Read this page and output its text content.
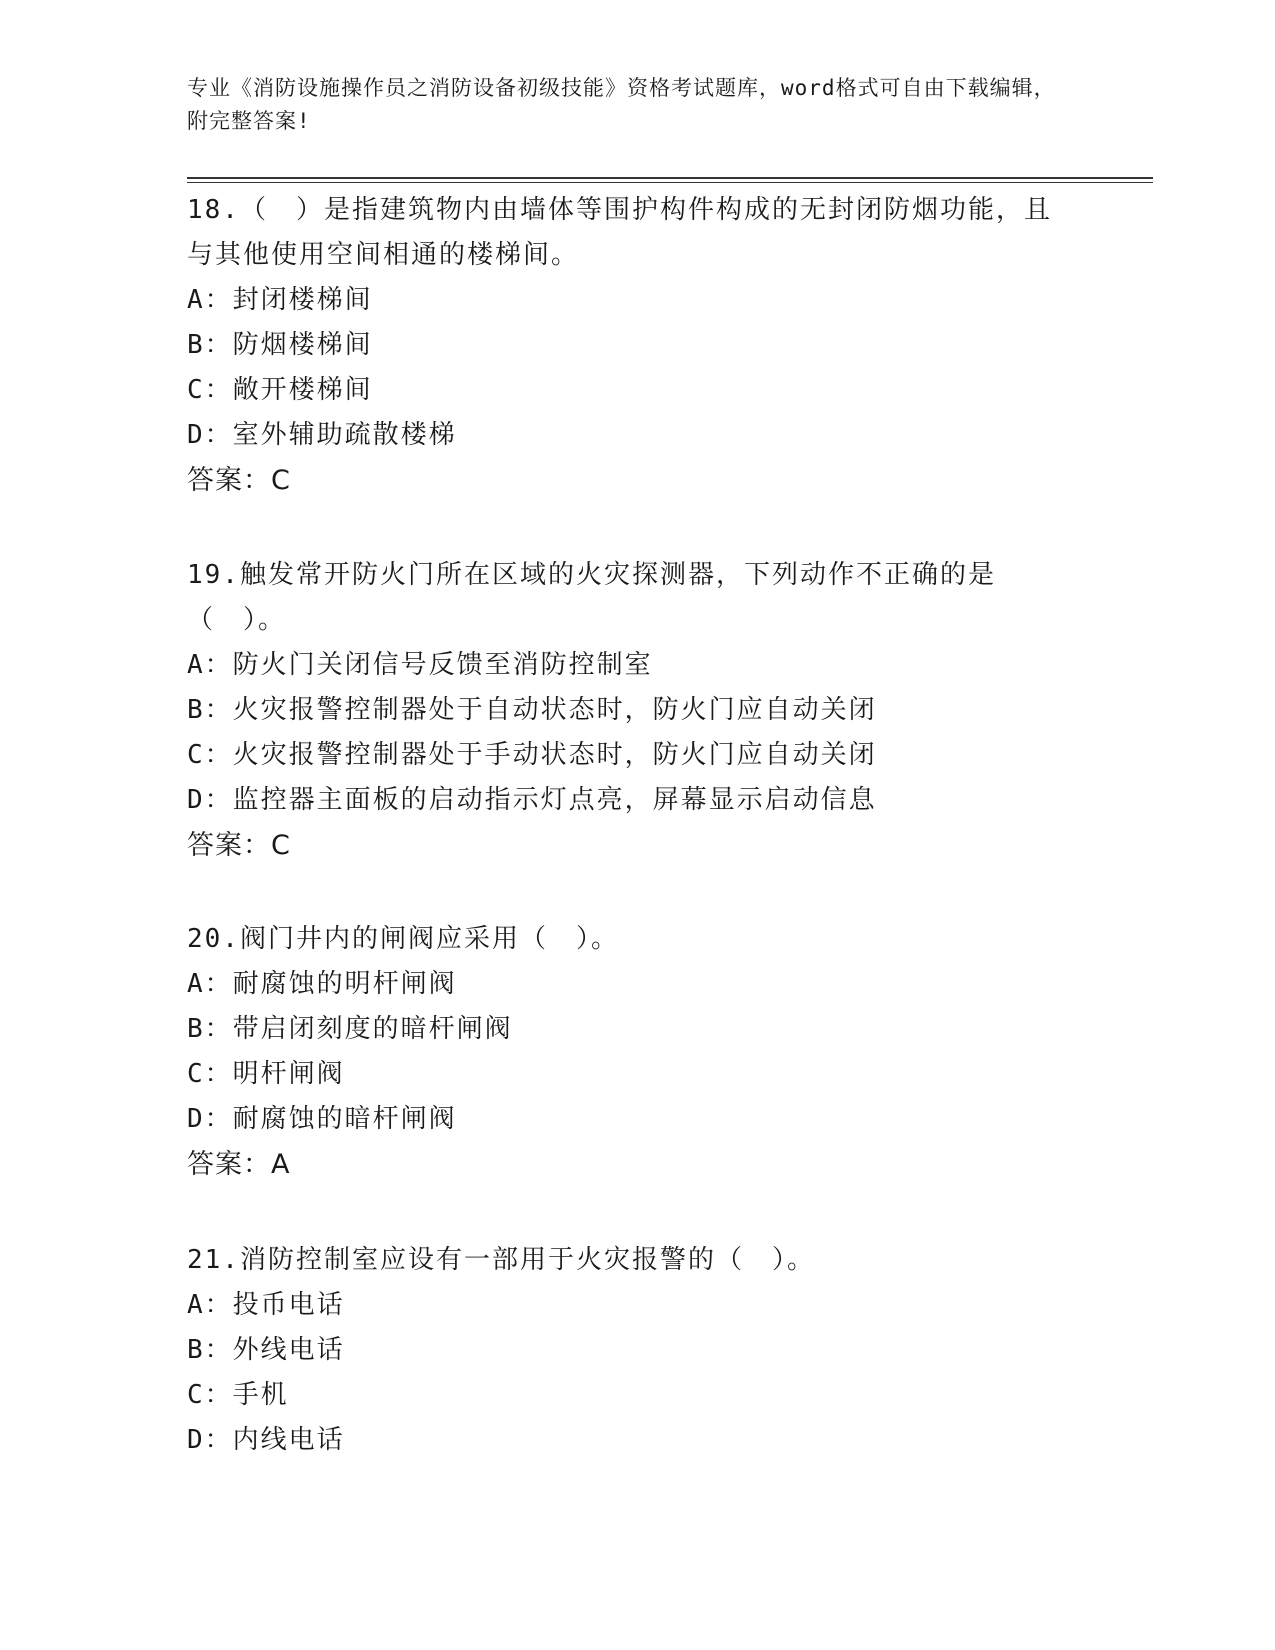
专业《消防设施操作员之消防设备初级技能》资格考试题库，word格式可自由下载编辑，附完整答案!

18.（　）是指建筑物内由墙体等围护构件构成的无封闭防烟功能，且与其他使用空间相通的楼梯间。

A：封闭楼梯间

B：防烟楼梯间

C：敞开楼梯间

D：室外辅助疏散楼梯

答案：C

19.触发常开防火门所在区域的火灾探测器，下列动作不正确的是（　）。

A：防火门关闭信号反馈至消防控制室

B：火灾报警控制器处于自动状态时，防火门应自动关闭

C：火灾报警控制器处于手动状态时，防火门应自动关闭

D：监控器主面板的启动指示灯点亮，屏幕显示启动信息

答案：C

20.阀门井内的闸阀应采用（　）。

A：耐腐蚀的明杆闸阀

B：带启闭刻度的暗杆闸阀

C：明杆闸阀

D：耐腐蚀的暗杆闸阀

答案：A

21.消防控制室应设有一部用于火灾报警的（　）。

A：投币电话

B：外线电话

C：手机

D：内线电话
